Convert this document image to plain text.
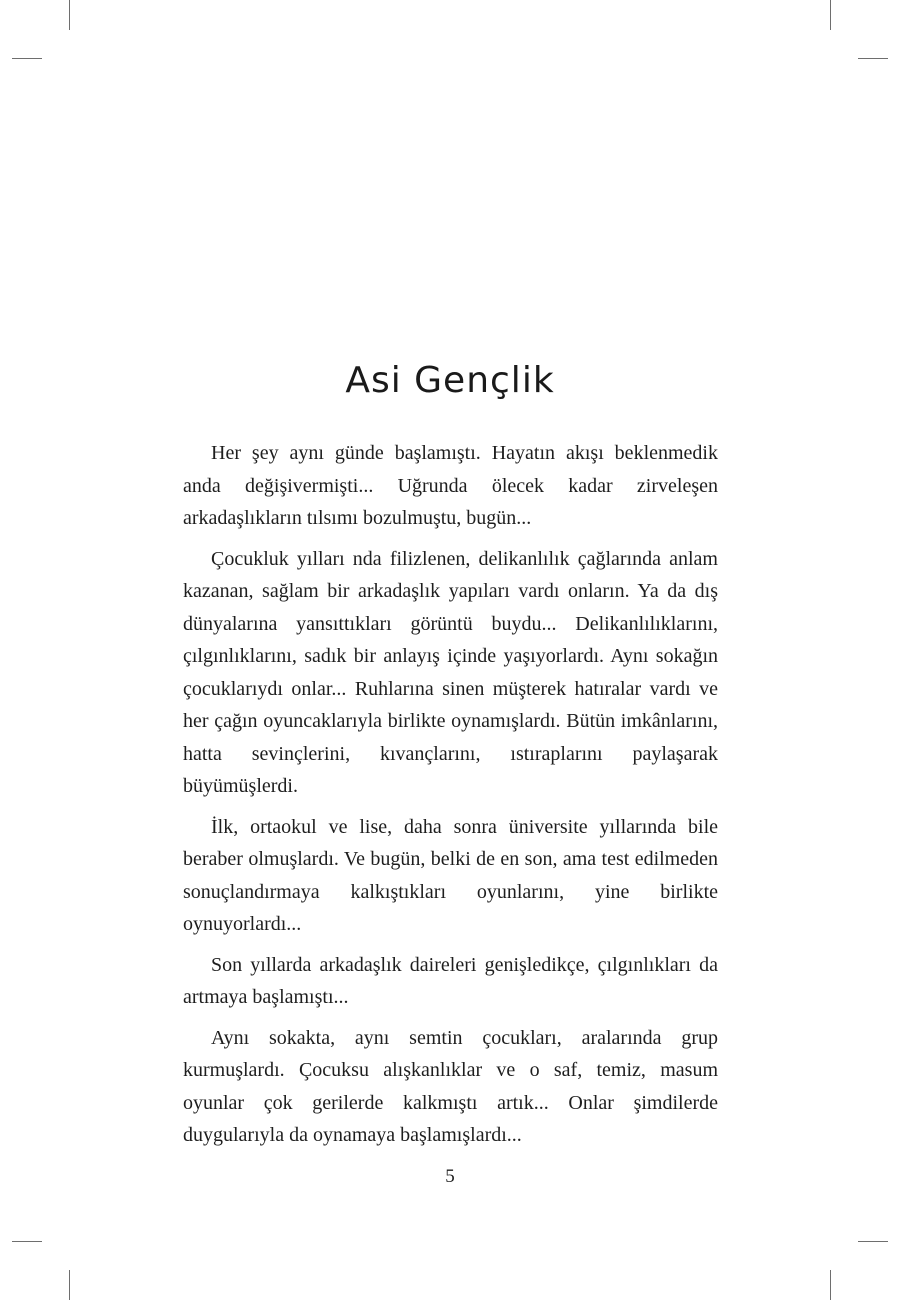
Asi Gençlik

Her şey aynı günde başlamıştı. Hayatın akışı beklenmedik anda değişivermişti... Uğrunda ölecek kadar zirveleşen arkadaşlıkların tılsımı bozulmuştu, bugün...

Çocukluk yılları nda filizlenen, delikanlılık çağlarında anlam kazanan, sağlam bir arkadaşlık yapıları vardı onların. Ya da dış dünyalarına yansıttıkları görüntü buydu... Delikanlılıklarını, çılgınlıklarını, sadık bir anlayış içinde yaşıyorlardı. Aynı sokağın çocuklarıydı onlar... Ruhlarına sinen müşterek hatıralar vardı ve her çağın oyuncaklarıyla birlikte oynamışlardı. Bütün imkânlarını, hatta sevinçlerini, kıvançlarını, ıstıraplarını paylaşarak büyümüşlerdi.

İlk, ortaokul ve lise, daha sonra üniversite yıllarında bile beraber olmuşlardı. Ve bugün, belki de en son, ama test edilmeden sonuçlandırmaya kalkıştıkları oyunlarını, yine birlikte oynuyorlardı...

Son yıllarda arkadaşlık daireleri genişledikçe, çılgınlıkları da artmaya başlamıştı...

Aynı sokakta, aynı semtin çocukları, aralarında grup kurmuşlardı. Çocuksu alışkanlıklar ve o saf, temiz, masum oyunlar çok gerilerde kalkmıştı artık... Onlar şimdilerde duygularıyla da oynamaya başlamışlardı...

5
